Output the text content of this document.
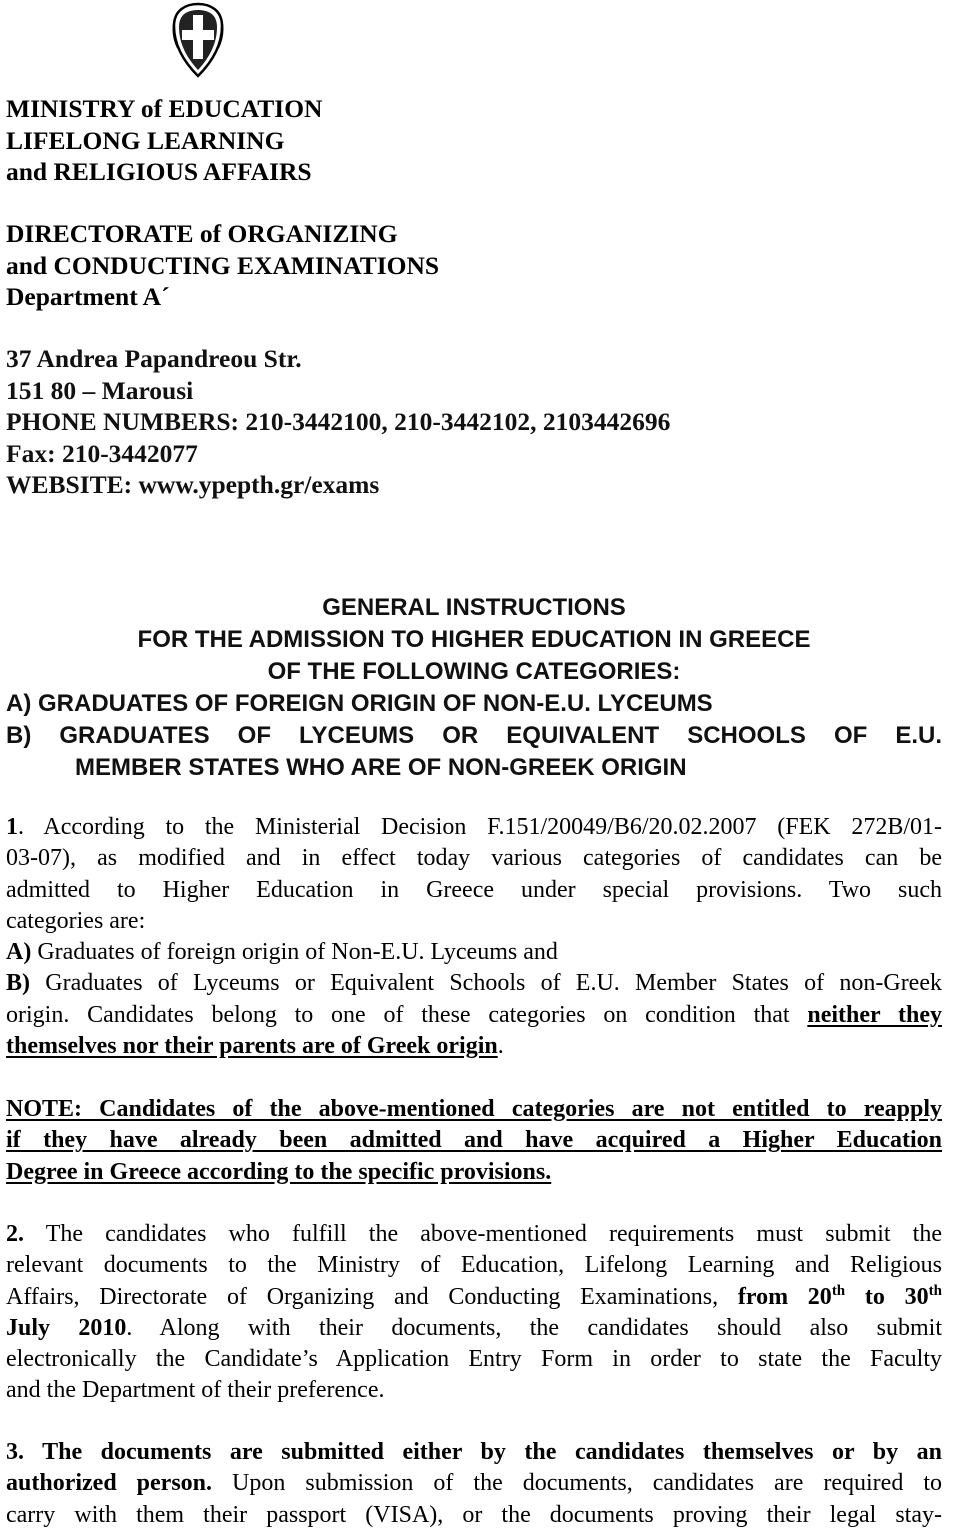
MINISTRY of EDUCATION
LIFELONG LEARNING
and RELIGIOUS AFFAIRS
DIRECTORATE of ORGANIZING
and CONDUCTING EXAMINATIONS
Department A´
37 Andrea Papandreou Str.
151 80 – Marousi
PHONE NUMBERS: 210-3442100, 210-3442102, 2103442696
Fax: 210-3442077
WEBSITE: www.ypepth.gr/exams
GENERAL INSTRUCTIONS
FOR THE ADMISSION TO HIGHER EDUCATION IN GREECE
OF THE FOLLOWING CATEGORIES:
A) GRADUATES OF FOREIGN ORIGIN OF NON-E.U. LYCEUMS
B) GRADUATES OF LYCEUMS OR EQUIVALENT SCHOOLS OF E.U.
MEMBER STATES WHO ARE OF NON-GREEK ORIGIN
1. According to the Ministerial Decision F.151/20049/B6/20.02.2007 (FEK 272B/01-
03-07), as modified and in effect today various categories of candidates can be
admitted to Higher Education in Greece under special provisions. Two such
categories are:
A) Graduates of foreign origin of Non-E.U. Lyceums and
B) Graduates of Lyceums or Equivalent Schools of E.U. Member States of non-Greek
origin. Candidates belong to one of these categories on condition that neither they
themselves nor their parents are of Greek origin.
NOTE: Candidates of the above-mentioned categories are not entitled to reapply
if they have already been admitted and have acquired a Higher Education
Degree in Greece according to the specific provisions.
2. The candidates who fulfill the above-mentioned requirements must submit the
relevant documents to the Ministry of Education, Lifelong Learning and Religious
Affairs, Directorate of Organizing and Conducting Examinations, from 20th to 30th
July 2010. Along with their documents, the candidates should also submit
electronically the Candidate’s Application Entry Form in order to state the Faculty
and the Department of their preference.
3. The documents are submitted either by the candidates themselves or by an
authorized person. Upon submission of the documents, candidates are required to
carry with them their passport (VISA), or the documents proving their legal stay-
